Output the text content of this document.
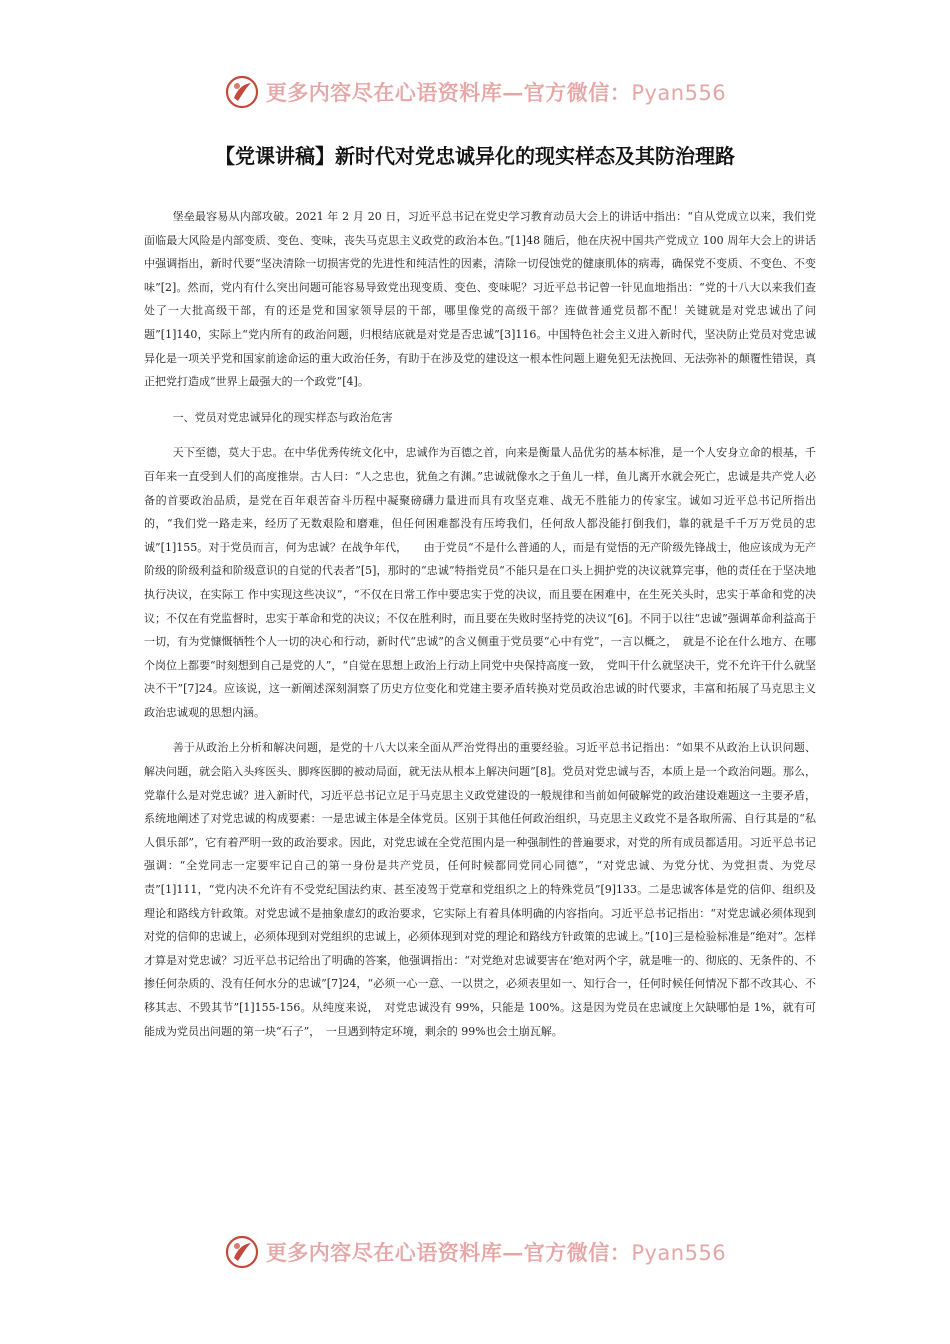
更多内容尽在心语资料库—官方微信：Pyan556
【党课讲稿】新时代对党忠诚异化的现实样态及其防治理路

堡垒最容易从内部攻破。2021 年 2 月 20 日，习近平总书记在党史学习教育动员大会上的讲话中指出：“自从党成立以来，我们党面临最大风险是内部变质、变色、变味，丧失马克思主义政党的政治本色。”[1]48 随后，他在庆祝中国共产党成立 100 周年大会上的讲话中强调指出，新时代要“坚决清除一切损害党的先进性和纯洁性的因素，清除一切侵蚀党的健康肌体的病毒，确保党不变质、不变色、不变味”[2]。然而，党内有什么突出问题可能容易导致党出现变质、变色、变味呢？习近平总书记曾一针见血地指出：“党的十八大以来我们查处了一大批高级干部，有的还是党和国家领导层的干部，哪里像党的高级干部？连做普通党员都不配！关键就是对党忠诚出了问题”[1]140，实际上“党内所有的政治问题，归根结底就是对党是否忠诚”[3]116。中国特色社会主义进入新时代，坚决防止党员对党忠诚异化是一项关乎党和国家前途命运的重大政治任务，有助于在涉及党的建设这一根本性问题上避免犯无法挽回、无法弥补的颠覆性错误，真正把党打造成“世界上最强大的一个政党”[4]。

一、党员对党忠诚异化的现实样态与政治危害

天下至德，莫大于忠。在中华优秀传统文化中，忠诚作为百德之首，向来是衡量人品优劣的基本标准，是一个人安身立命的根基，千百年来一直受到人们的高度推崇。古人曰：“人之忠也，犹鱼之有渊。”忠诚就像水之于鱼儿一样，鱼儿离开水就会死亡，忠诚是共产党人必备的首要政治品质，是党在百年艰苦奋斗历程中凝聚磅礴力量进而具有攻坚克难、战无不胜能力的传家宝。诚如习近平总书记所指出的，“我们党一路走来，经历了无数艰险和磨难，但任何困难都没有压垮我们，任何敌人都没能打倒我们，靠的就是千千万万党员的忠诚”[1]155。对于党员而言，何为忠诚？在战争年代，　　由于党员“不是什么普通的人，而是有觉悟的无产阶级先锋战士，他应该成为无产阶级的阶级利益和阶级意识的自觉的代表者”[5]，那时的“忠诚”特指党员“不能只是在口头上拥护党的决议就算完事，他的责任在于坚决地执行决议，在实际工 作中实现这些决议”，“不仅在日常工作中要忠实于党的决议，而且要在困难中，在生死关头时，忠实于革命和党的决议；不仅在有党监督时，忠实于革命和党的决议；不仅在胜利时，而且要在失败时坚持党的决议”[6]。不同于以往“忠诚”强调革命利益高于一切，有为党慷慨牺牲个人一切的决心和行动，新时代“忠诚”的含义侧重于党员要“心中有党”，一言以概之，　就是不论在什么地方、在哪个岗位上都要“时刻想到自己是党的人”，“自觉在思想上政治上行动上同党中央保持高度一致，　党叫干什么就坚决干，党不允许干什么就坚决不干”[7]24。应该说，这一新阐述深刻洞察了历史方位变化和党建主要矛盾转换对党员政治忠诚的时代要求，丰富和拓展了马克思主义政治忠诚观的思想内涵。

善于从政治上分析和解决问题，是党的十八大以来全面从严治党得出的重要经验。习近平总书记指出：“如果不从政治上认识问题、解决问题，就会陷入头疼医头、脚疼医脚的被动局面，就无法从根本上解决问题”[8]。党员对党忠诚与否，本质上是一个政治问题。那么，党靠什么是对党忠诚？进入新时代，习近平总书记立足于马克思主义政党建设的一般规律和当前如何破解党的政治建设难题这一主要矛盾，系统地阐述了对党忠诚的构成要素：一是忠诚主体是全体党员。区别于其他任何政治组织，马克思主义政党不是各取所需、自行其是的“私人俱乐部”，它有着严明一致的政治要求。因此，对党忠诚在全党范围内是一种强制性的普遍要求，对党的所有成员都适用。习近平总书记强调：“全党同志一定要牢记自己的第一身份是共产党员，任何时候都同党同心同德”，“对党忠诚、为党分忧、为党担责、为党尽责”[1]111，“党内决不允许有不受党纪国法约束、甚至凌驾于党章和党组织之上的特殊党员”[9]133。二是忠诚客体是党的信仰、组织及理论和路线方针政策。对党忠诚不是抽象虚幻的政治要求，它实际上有着具体明确的内容指向。习近平总书记指出：“对党忠诚必须体现到对党的信仰的忠诚上，必须体现到对党组织的忠诚上，必须体现到对党的理论和路线方针政策的忠诚上。”[10]三是检验标准是“绝对”。怎样才算是对党忠诚？习近平总书记给出了明确的答案，他强调指出：“对党绝对忠诚要害在‘绝对两个字，就是唯一的、彻底的、无条件的、不掺任何杂质的、没有任何水分的忠诚”[7]24，“必须一心一意、一以贯之，必须表里如一、知行合一，任何时候任何情况下都不改其心、不移其志、不毁其节”[1]155-156。从纯度来说，　对党忠诚没有 99%，只能是 100%。这是因为党员在忠诚度上欠缺哪怕是 1%，就有可能成为党员出问题的第一块“石子”，　一旦遇到特定环境，剩余的 99%也会土崩瓦解。

更多内容尽在心语资料库—官方微信：Pyan556
